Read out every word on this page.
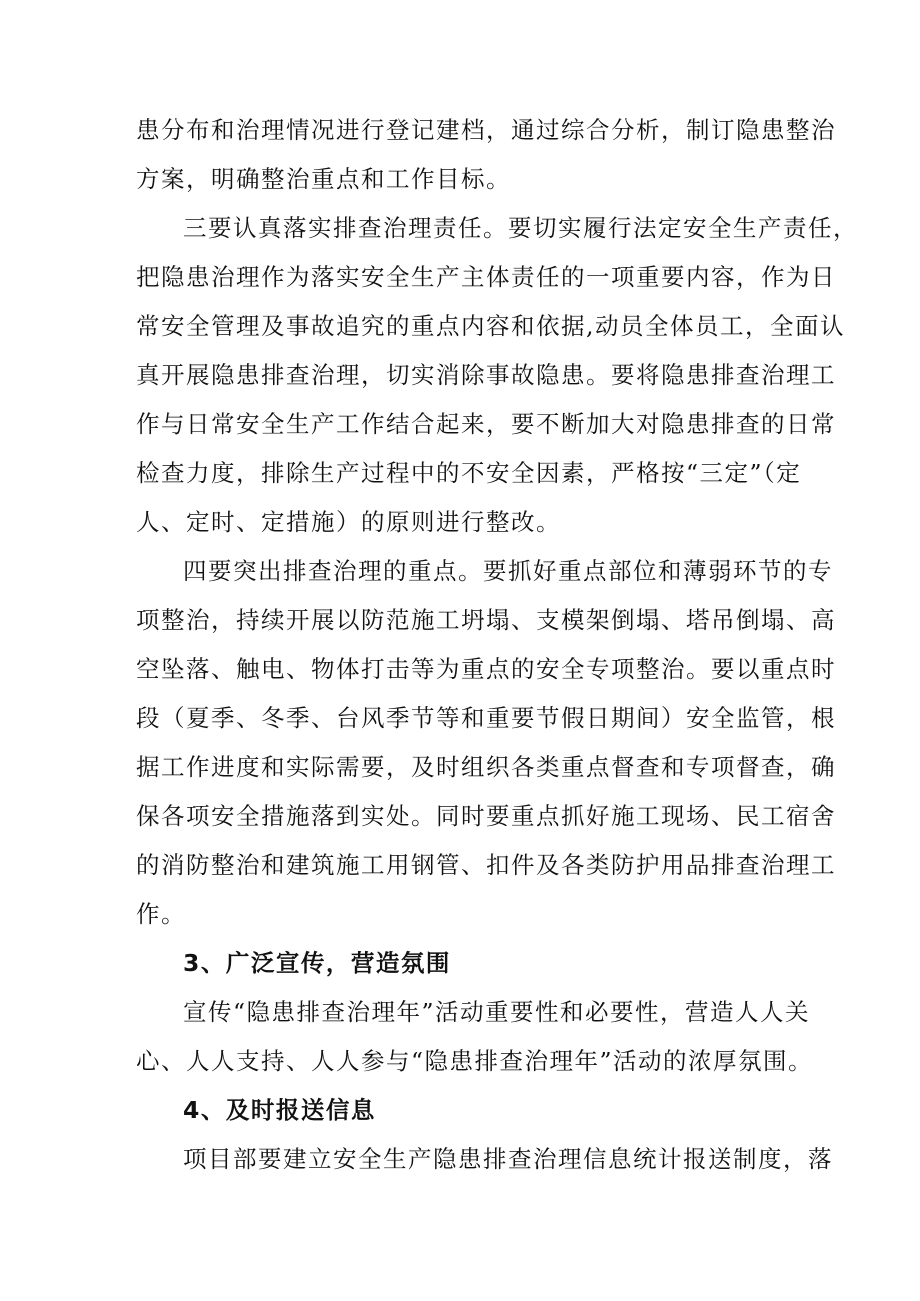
患分布和治理情况进行登记建档，通过综合分析，制订隐患整治
方案，明确整治重点和工作目标。
三要认真落实排查治理责任。要切实履行法定安全生产责任，
把隐患治理作为落实安全生产主体责任的一项重要内容，作为日
常安全管理及事故追究的重点内容和依据,动员全体员工，全面认
真开展隐患排查治理，切实消除事故隐患。要将隐患排查治理工
作与日常安全生产工作结合起来，要不断加大对隐患排查的日常
检查力度，排除生产过程中的不安全因素，严格按“三定”（定
人、定时、定措施）的原则进行整改。
四要突出排查治理的重点。要抓好重点部位和薄弱环节的专
项整治，持续开展以防范施工坍塌、支模架倒塌、塔吊倒塌、高
空坠落、触电、物体打击等为重点的安全专项整治。要以重点时
段（夏季、冬季、台风季节等和重要节假日期间）安全监管，根
据工作进度和实际需要，及时组织各类重点督查和专项督查，确
保各项安全措施落到实处。同时要重点抓好施工现场、民工宿舍
的消防整治和建筑施工用钢管、扣件及各类防护用品排查治理工
作。
3、广泛宣传，营造氛围
宣传“隐患排查治理年”活动重要性和必要性，营造人人关
心、人人支持、人人参与“隐患排查治理年”活动的浓厚氛围。
4、及时报送信息
项目部要建立安全生产隐患排查治理信息统计报送制度，落
